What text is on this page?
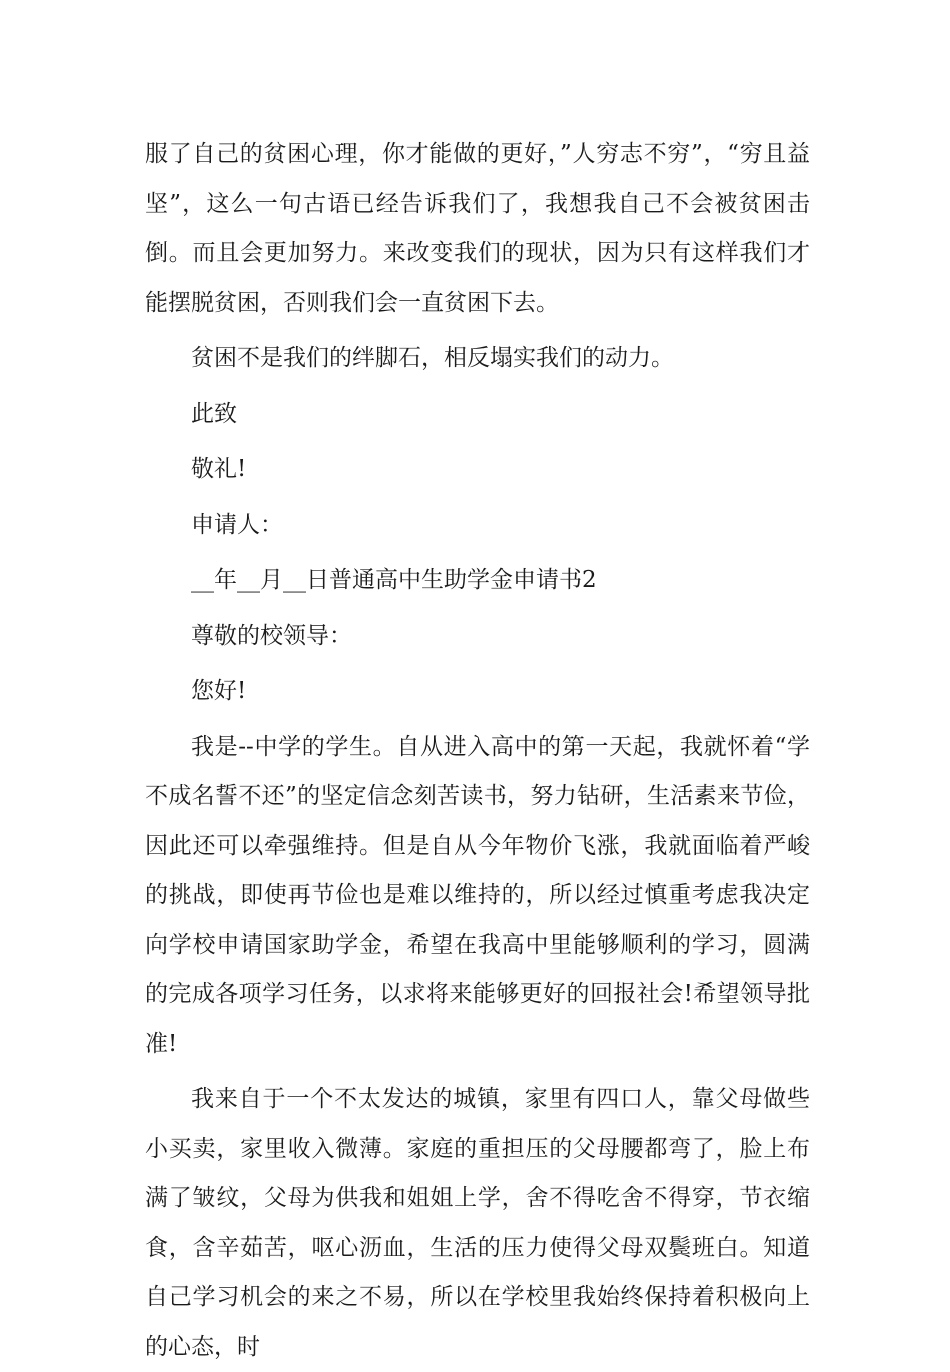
服了自己的贫困心理，你才能做的更好，”人穷志不穷”，“穷且益坚”，这么一句古语已经告诉我们了，我想我自己不会被贫困击倒。而且会更加努力。来改变我们的现状，因为只有这样我们才能摆脱贫困，否则我们会一直贫困下去。

贫困不是我们的绊脚石，相反塌实我们的动力。

此致

敬礼!

申请人：

__年__月__日普通高中生助学金申请书2

尊敬的校领导：

您好!

我是--中学的学生。自从进入高中的第一天起，我就怀着“学不成名誓不还”的坚定信念刻苦读书，努力钻研，生活素来节俭，因此还可以牵强维持。但是自从今年物价飞涨，我就面临着严峻的挑战，即使再节俭也是难以维持的，所以经过慎重考虑我决定向学校申请国家助学金，希望在我高中里能够顺利的学习，圆满的完成各项学习任务，以求将来能够更好的回报社会!希望领导批准!

我来自于一个不太发达的城镇，家里有四口人，靠父母做些小买卖，家里收入微薄。家庭的重担压的父母腰都弯了，脸上布满了皱纹，父母为供我和姐姐上学，舍不得吃舍不得穿，节衣缩食，含辛茹苦，呕心沥血，生活的压力使得父母双鬓班白。知道自己学习机会的来之不易，所以在学校里我始终保持着积极向上的心态，时
